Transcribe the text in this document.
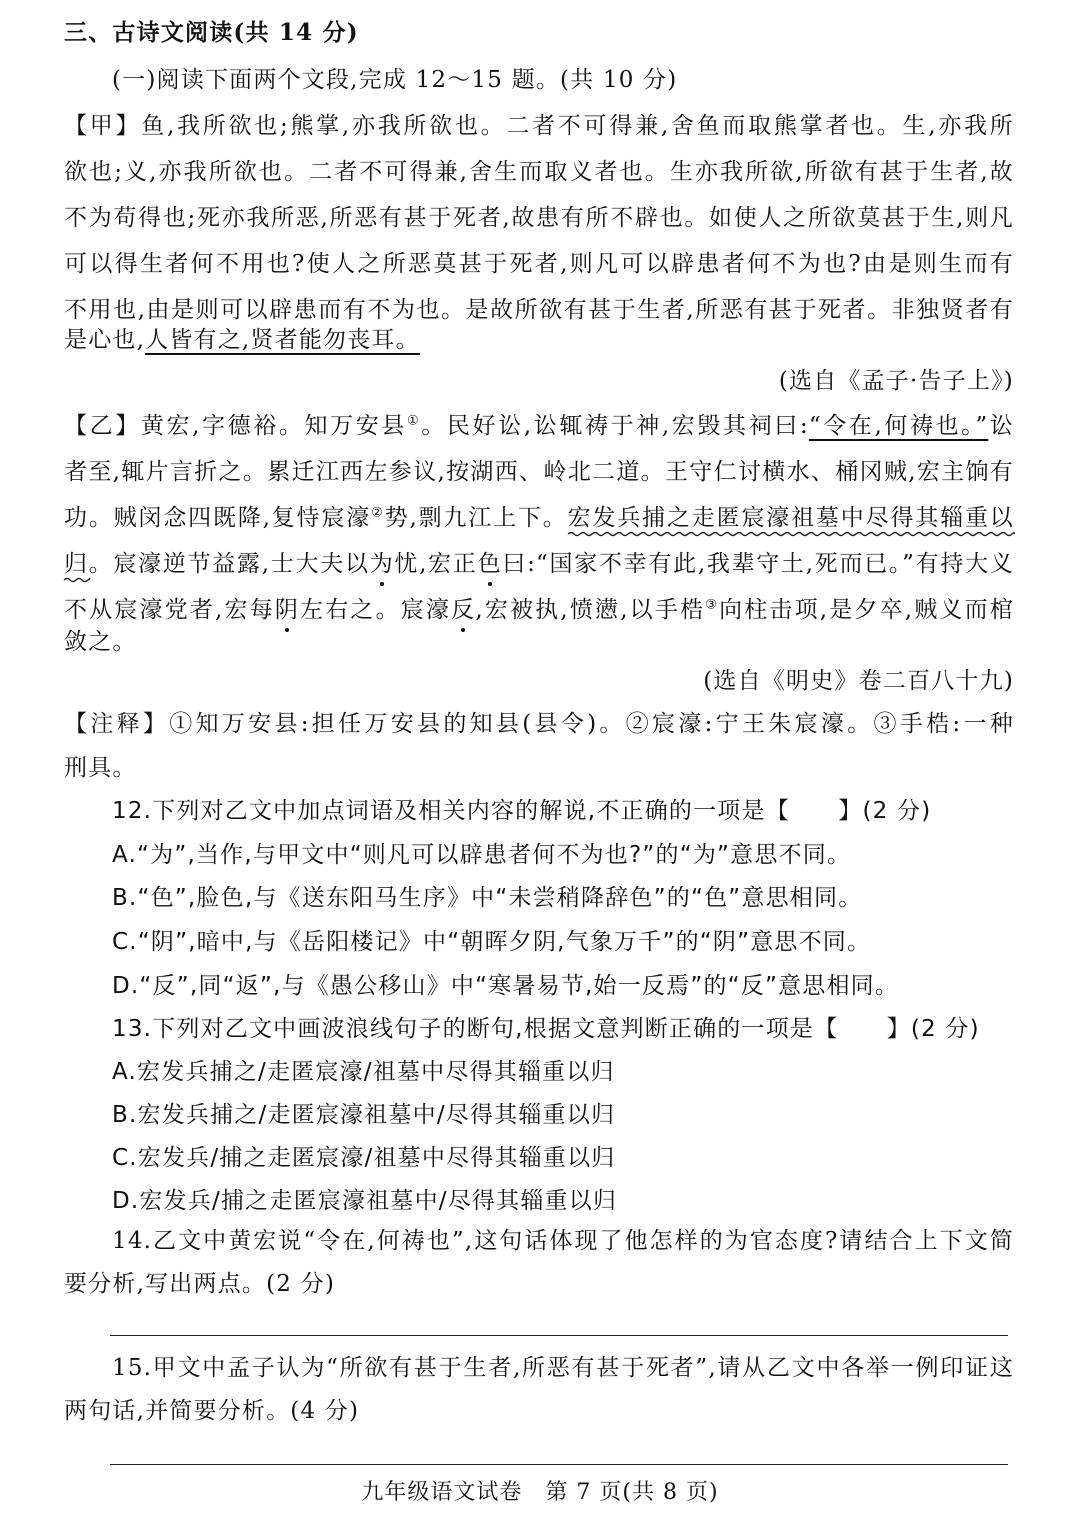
三、古诗文阅读(共 14 分)
(一)阅读下面两个文段,完成 12～15 题。(共 10 分)
【甲】鱼,我所欲也;熊掌,亦我所欲也。二者不可得兼,舍鱼而取熊掌者也。生,亦我所
欲也;义,亦我所欲也。二者不可得兼,舍生而取义者也。生亦我所欲,所欲有甚于生者,故
不为苟得也;死亦我所恶,所恶有甚于死者,故患有所不辟也。如使人之所欲莫甚于生,则凡
可以得生者何不用也?使人之所恶莫甚于死者,则凡可以辟患者何不为也?由是则生而有
不用也,由是则可以辟患而有不为也。是故所欲有甚于生者,所恶有甚于死者。非独贤者有
是心也,人皆有之,贤者能勿丧耳。
(选自《孟子·告子上》)
【乙】黄宏,字德裕。知万安县①。民好讼,讼辄祷于神,宏毁其祠曰:“令在,何祷也。”讼
者至,辄片言折之。累迁江西左参议,按湖西、岭北二道。王守仁讨横水、桶冈贼,宏主饷有
功。贼闵念四既降,复恃宸濠②势,剽九江上下。宏发兵捕之走匿宸濠祖墓中尽得其辎重以
归。宸濠逆节益露,士大夫以为忧,宏正色曰:“国家不幸有此,我辈守土,死而已。”有持大义
不从宸濠党者,宏每阴左右之。宸濠反,宏被执,愤懑,以手梏③向柱击项,是夕卒,贼义而棺
敛之。
(选自《明史》卷二百八十九)
【注释】①知万安县:担任万安县的知县(县令)。②宸濠:宁王朱宸濠。③手梏:一种
刑具。
12.下列对乙文中加点词语及相关内容的解说,不正确的一项是【　　】(2 分)
A.“为”,当作,与甲文中“则凡可以辟患者何不为也?”的“为”意思不同。
B.“色”,脸色,与《送东阳马生序》中“未尝稍降辞色”的“色”意思相同。
C.“阴”,暗中,与《岳阳楼记》中“朝晖夕阴,气象万千”的“阴”意思不同。
D.“反”,同“返”,与《愚公移山》中“寒暑易节,始一反焉”的“反”意思相同。
13.下列对乙文中画波浪线句子的断句,根据文意判断正确的一项是【　　】(2 分)
A.宏发兵捕之/走匿宸濠/祖墓中尽得其辎重以归
B.宏发兵捕之/走匿宸濠祖墓中/尽得其辎重以归
C.宏发兵/捕之走匿宸濠/祖墓中尽得其辎重以归
D.宏发兵/捕之走匿宸濠祖墓中/尽得其辎重以归
14.乙文中黄宏说“令在,何祷也”,这句话体现了他怎样的为官态度?请结合上下文简
要分析,写出两点。(2 分)
15.甲文中孟子认为“所欲有甚于生者,所恶有甚于死者”,请从乙文中各举一例印证这
两句话,并简要分析。(4 分)
九年级语文试卷　第 7 页(共 8 页)
